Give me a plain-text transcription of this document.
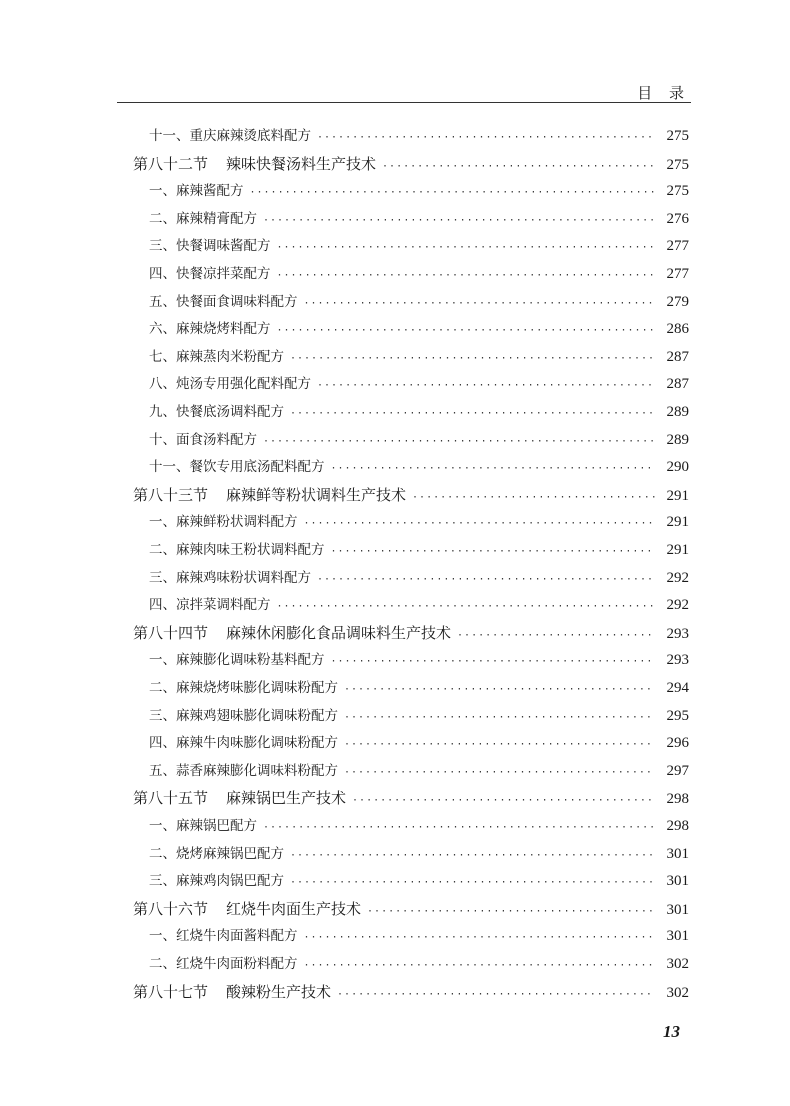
目 录
十一、重庆麻辣烫底料配方 ·····	275
第八十二节 辣味快餐汤料生产技术 ·····	275
一、麻辣酱配方 ·····	275
二、麻辣精膏配方 ·····	276
三、快餐调味酱配方 ·····	277
四、快餐凉拌菜配方 ·····	277
五、快餐面食调味料配方 ·····	279
六、麻辣烧烤料配方 ·····	286
七、麻辣蒸肉米粉配方 ·····	287
八、炖汤专用强化配料配方 ·····	287
九、快餐底汤调料配方 ·····	289
十、面食汤料配方 ·····	289
十一、餐饮专用底汤配料配方 ·····	290
第八十三节 麻辣鲜等粉状调料生产技术 ·····	291
一、麻辣鲜粉状调料配方 ·····	291
二、麻辣肉味王粉状调料配方 ·····	291
三、麻辣鸡味粉状调料配方 ·····	292
四、凉拌菜调料配方 ·····	292
第八十四节 麻辣休闲膨化食品调味料生产技术 ·····	293
一、麻辣膨化调味粉基料配方 ·····	293
二、麻辣烧烤味膨化调味粉配方 ·····	294
三、麻辣鸡翅味膨化调味粉配方 ·····	295
四、麻辣牛肉味膨化调味粉配方 ·····	296
五、蒜香麻辣膨化调味料粉配方 ·····	297
第八十五节 麻辣锅巴生产技术 ·····	298
一、麻辣锅巴配方 ·····	298
二、烧烤麻辣锅巴配方 ·····	301
三、麻辣鸡肉锅巴配方 ·····	301
第八十六节 红烧牛肉面生产技术 ·····	301
一、红烧牛肉面酱料配方 ·····	301
二、红烧牛肉面粉料配方 ·····	302
第八十七节 酸辣粉生产技术 ·····	302
13
